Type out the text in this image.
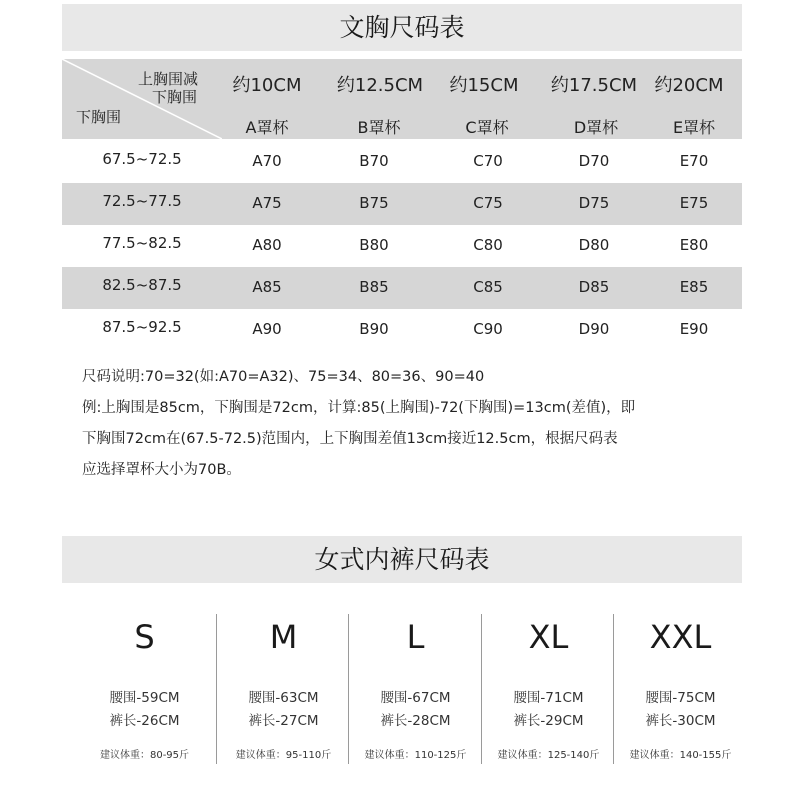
文胸尺码表
上胸围减
下胸围
下胸围
约10CM	约12.5CM	约15CM	约17.5CM 约20CM
A罩杯	B罩杯	C罩杯	D罩杯	E罩杯
67.5~72.5	A70	B70	C70	D70	E70
72.5~77.5	A75	B75	C75	D75	E75
77.5~82.5	A80	B80	C80	D80	E80
82.5~87.5	A85	B85	C85	D85	E85
87.5~92.5	A90	B90	C90	D90	E90
尺码说明:70=32(如:A70=A32)、75=34、80=36、90=40
例:上胸围是85cm，下胸围是72cm，计算:85(上胸围)-72(下胸围)=13cm(差值)，即
下胸围72cm在(67.5-72.5)范围内，上下胸围差值13cm接近12.5cm，根据尺码表
应选择罩杯大小为70B。
女式内裤尺码表
S
腰围-59CM
裤长-26CM
建议体重：80-95斤
M
腰围-63CM
裤长-27CM
建议体重：95-110斤
L
腰围-67CM
裤长-28CM
建议体重：110-125斤
XL
腰围-71CM
裤长-29CM
建议体重：125-140斤
XXL
腰围-75CM
裤长-30CM
建议体重：140-155斤
